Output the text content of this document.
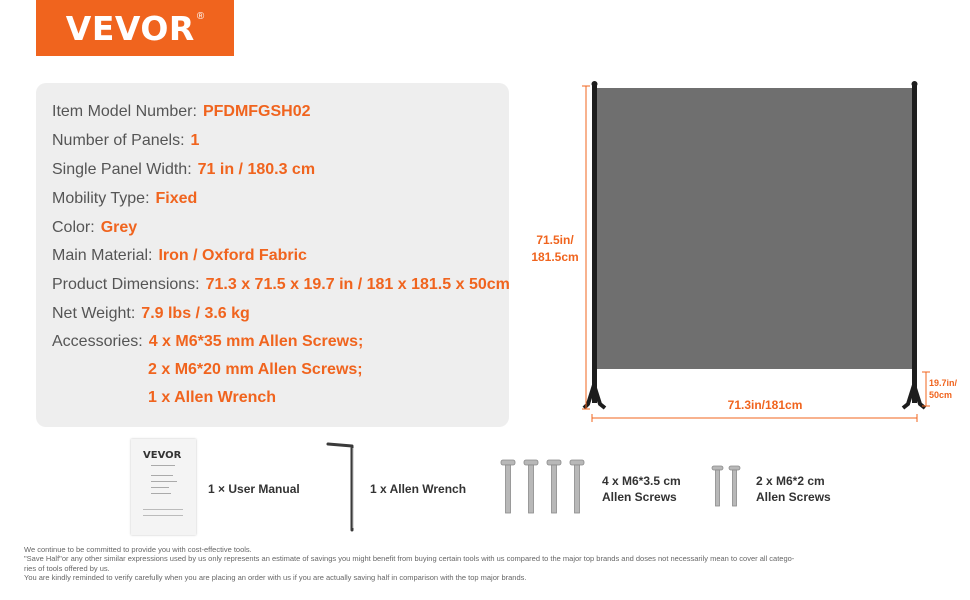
VEVOR ®
Item Model Number: PFDMFGSH02
Number of Panels: 1
Single Panel Width: 71 in / 180.3 cm
Mobility Type: Fixed
Color: Grey
Main Material: Iron / Oxford Fabric
Product Dimensions: 71.3 x 71.5 x 19.7 in / 181 x 181.5 x 50cm
Net Weight: 7.9 lbs / 3.6 kg
Accessories: 4 x M6*35 mm Allen Screws;
2 x M6*20 mm Allen Screws;
1 x Allen Wrench
71.5in/
181.5cm
71.3in/181cm
19.7in/
50cm
VEVOR
1 × User Manual	1 x Allen Wrench
4 x M6*3.5 cm
Allen Screws
2 x M6*2 cm
Allen Screws
We continue to be committed to provide you with cost-effective tools.
"Save Half"or any other similar expressions used by us only represents an estimate of savings you might benefit from buying certain tools with us compared to the major top brands and doses not necessarily mean to cover all catego-
ries of tools offered by us.
You are kindly reminded to verify carefully when you are placing an order with us if you are actually saving half in comparison with the top major brands.
